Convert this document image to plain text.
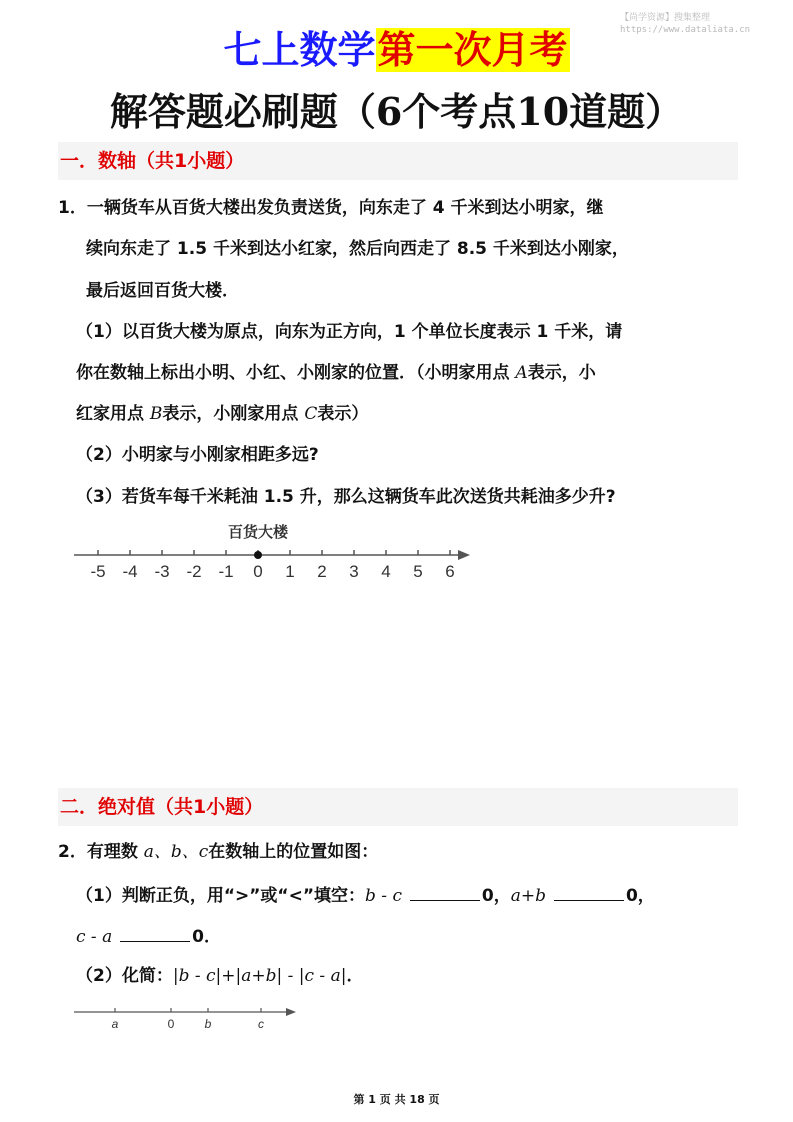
【尚学资源】搜集整理
https://www.dataliata.cn
七上数学第一次月考
解答题必刷题（6个考点10道题）
一．数轴（共1小题）
1．一辆货车从百货大楼出发负责送货，向东走了 4 千米到达小明家，继
续向东走了 1.5 千米到达小红家，然后向西走了 8.5 千米到达小刚家，
最后返回百货大楼．
（1）以百货大楼为原点，向东为正方向，1 个单位长度表示 1 千米，请
你在数轴上标出小明、小红、小刚家的位置．（小明家用点 A表示，小
红家用点 B表示，小刚家用点 C表示）
（2）小明家与小刚家相距多远?
（3）若货车每千米耗油 1.5 升，那么这辆货车此次送货共耗油多少升?
百货大楼
-5 -4 -3 -2 -1 0 1 2 3 4 5 6
二．绝对值（共1小题）
2．有理数 a、b、c在数轴上的位置如图：
（1）判断正负，用“>”或“<”填空：b - c	0，a+b	0，
c - a	0．
（2）化简：|b - c|+|a+b| - |c - a|．
a	0	b	c
第 1 页 共 18 页
